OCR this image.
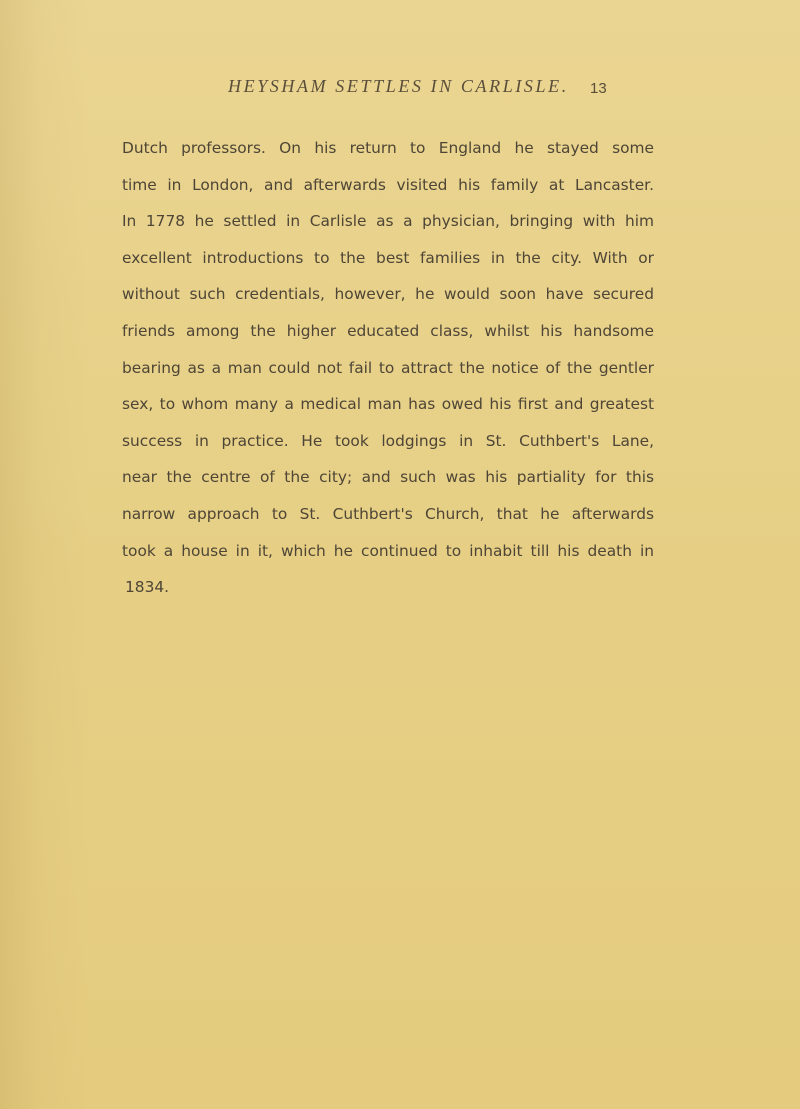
HEYSHAM SETTLES IN CARLISLE. 13
Dutch professors. On his return to England he stayed some
time in London, and afterwards visited his family at Lancaster.
In 1778 he settled in Carlisle as a physician, bringing with him
excellent introductions to the best families in the city. With or
without such credentials, however, he would soon have secured
friends among the higher educated class, whilst his handsome
bearing as a man could not fail to attract the notice of the gentler
sex, to whom many a medical man has owed his first and greatest
success in practice. He took lodgings in St. Cuthbert's Lane,
near the centre of the city; and such was his partiality for this
narrow approach to St. Cuthbert's Church, that he afterwards
took a house in it, which he continued to inhabit till his death in
1834.
